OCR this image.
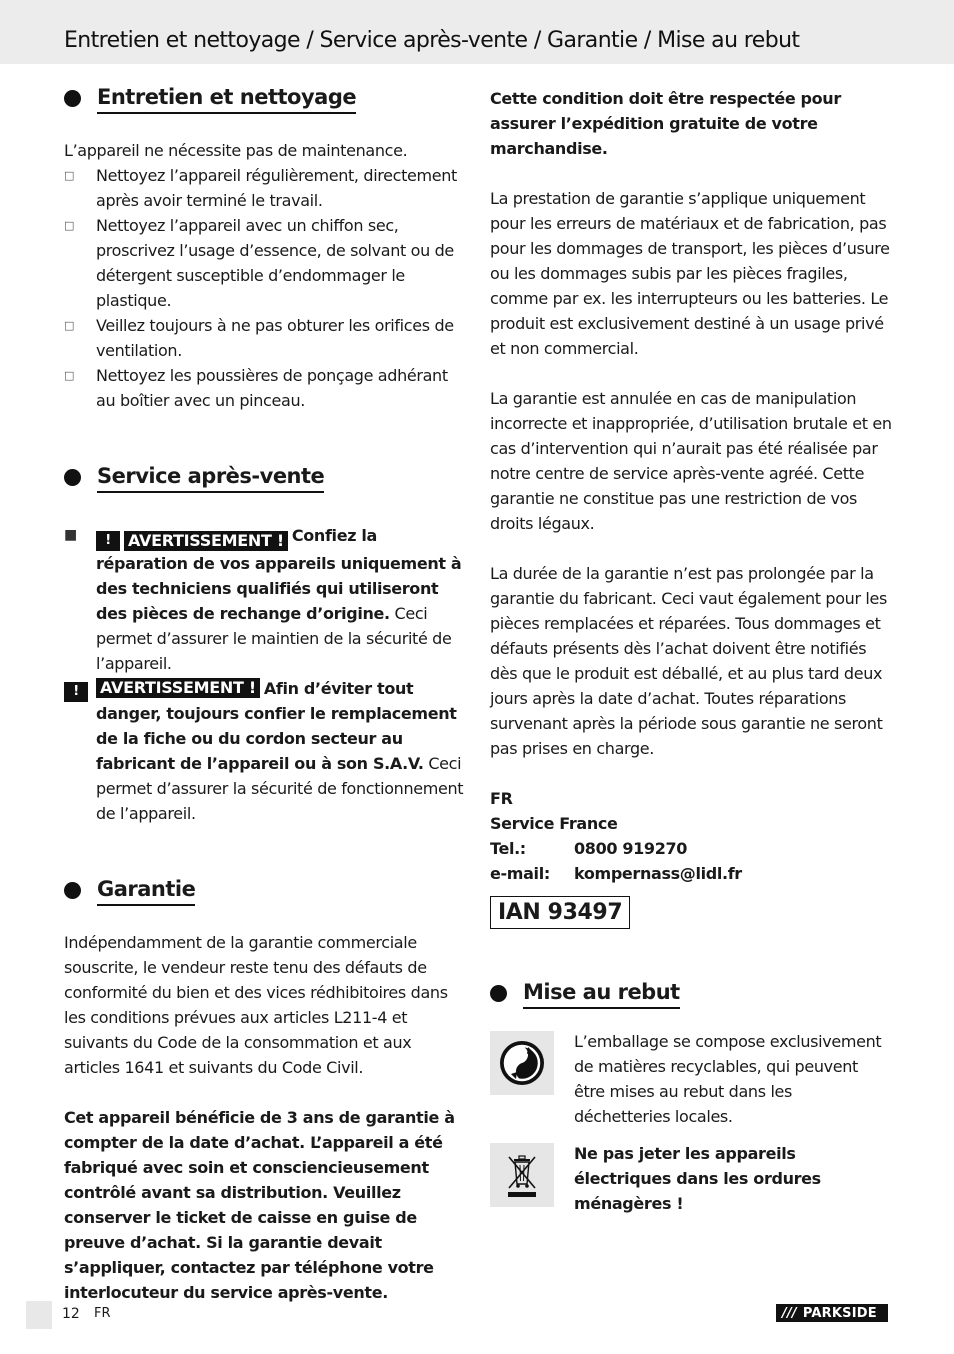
Entretien et nettoyage / Service après-vente / Garantie / Mise au rebut
Entretien et nettoyage

L’appareil ne nécessite pas de maintenance.

□	Nettoyez l’appareil régulièrement, directement après avoir terminé le travail.
□	Nettoyez l’appareil avec un chiffon sec, proscrivez l’usage d’essence, de solvant ou de détergent susceptible d’endommager le plastique.
□	Veillez toujours à ne pas obturer les orifices de ventilation.
□	Nettoyez les poussières de ponçage adhérant au boîtier avec un pinceau.
Service après-vente
■	!	AVERTISSEMENT ! Confiez la réparation de vos appareils uniquement à des techniciens qualifiés qui utiliseront des pièces de rechange d’origine. Ceci permet d’assurer le maintien de la sécurité de l’appareil.
!	AVERTISSEMENT ! Afin d’éviter tout danger, toujours confier le remplacement de la fiche ou du cordon secteur au fabricant de l’appareil ou à son S.A.V. Ceci permet d’assurer la sécurité de fonctionnement de l’appareil.
Garantie

Indépendamment de la garantie commerciale souscrite, le vendeur reste tenu des défauts de conformité du bien et des vices rédhibitoires dans les conditions prévues aux articles L211-4 et suivants du Code de la consommation et aux articles 1641 et suivants du Code Civil.

Cet appareil bénéficie de 3 ans de garantie à compter de la date d’achat. L’appareil a été fabriqué avec soin et consciencieusement contrôlé avant sa distribution. Veuillez conserver le ticket de caisse en guise de preuve d’achat. Si la garantie devait s’appliquer, contactez par téléphone votre interlocuteur du service après-vente.

Cette condition doit être respectée pour assurer l’expédition gratuite de votre marchandise.

La prestation de garantie s’applique uniquement pour les erreurs de matériaux et de fabrication, pas pour les dommages de transport, les pièces d’usure ou les dommages subis par les pièces fragiles, comme par ex. les interrupteurs ou les batteries. Le produit est exclusivement destiné à un usage privé et non commercial.

La garantie est annulée en cas de manipulation incorrecte et inappropriée, d’utilisation brutale et en cas d’intervention qui n’aurait pas été réalisée par notre centre de service après-vente agréé. Cette garantie ne constitue pas une restriction de vos droits légaux.

La durée de la garantie n’est pas prolongée par la garantie du fabricant. Ceci vaut également pour les pièces remplacées et réparées. Tous dommages et défauts présents dès l’achat doivent être notifiés dès que le produit est déballé, et au plus tard deux jours après la date d’achat. Toutes réparations survenant après la période sous garantie ne seront pas prises en charge.

FR
Service France
Tel.:	0800 919270
e-mail:	kompernass@lidl.fr
IAN 93497
Mise au rebut

L’emballage se compose exclusivement de matières recyclables, qui peuvent être mises au rebut dans les déchetteries locales.

Ne pas jeter les appareils électriques dans les ordures ménagères !

12 FR	/// PARKSIDE
